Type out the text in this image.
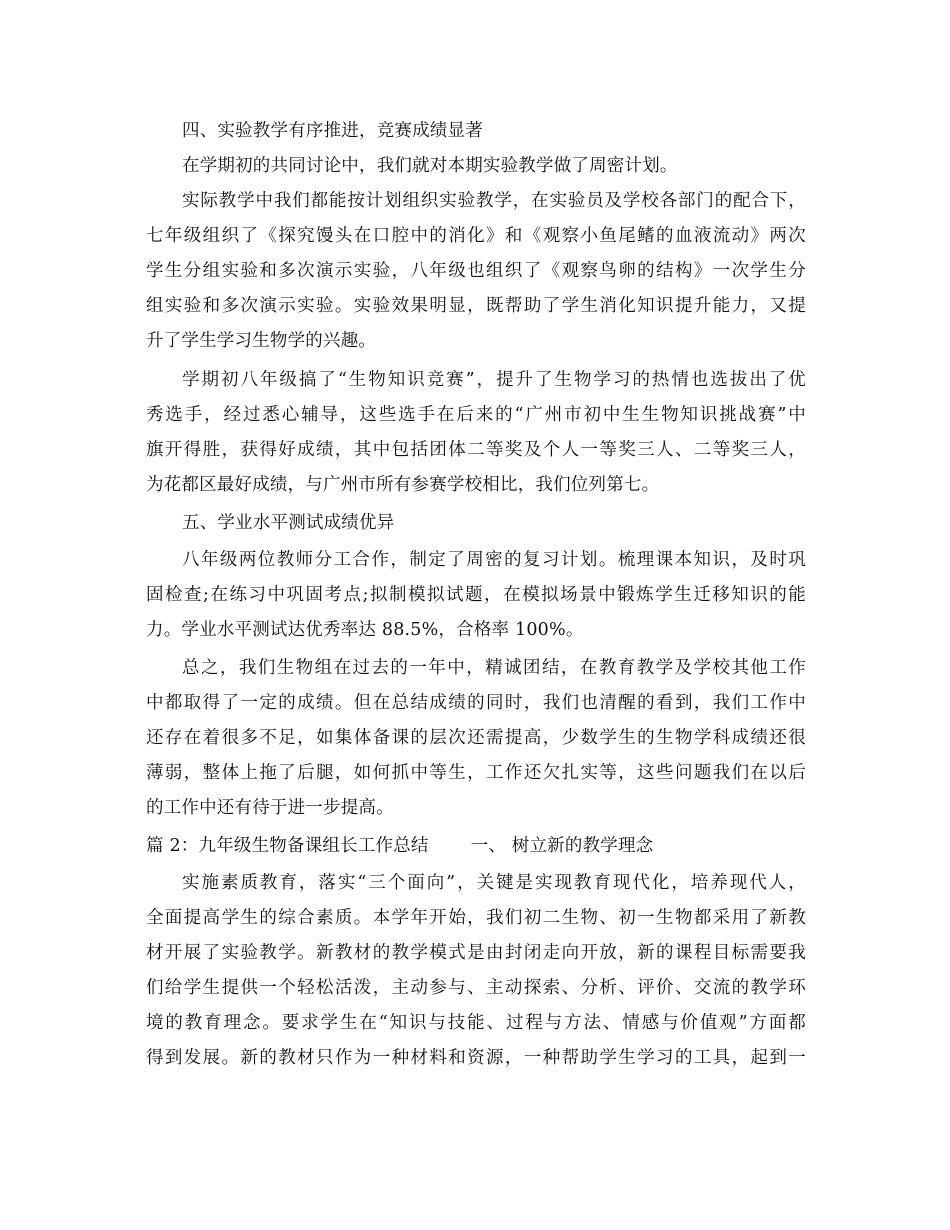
四、实验教学有序推进，竞赛成绩显著
在学期初的共同讨论中，我们就对本期实验教学做了周密计划。
实际教学中我们都能按计划组织实验教学，在实验员及学校各部门的配合下，
七年级组织了《探究馒头在口腔中的消化》和《观察小鱼尾鳍的血液流动》两次
学生分组实验和多次演示实验，八年级也组织了《观察鸟卵的结构》一次学生分
组实验和多次演示实验。实验效果明显，既帮助了学生消化知识提升能力，又提
升了学生学习生物学的兴趣。
学期初八年级搞了“生物知识竞赛”，提升了生物学习的热情也选拔出了优
秀选手，经过悉心辅导，这些选手在后来的“广州市初中生生物知识挑战赛”中
旗开得胜，获得好成绩，其中包括团体二等奖及个人一等奖三人、二等奖三人，
为花都区最好成绩，与广州市所有参赛学校相比，我们位列第七。
五、学业水平测试成绩优异
八年级两位教师分工合作，制定了周密的复习计划。梳理课本知识，及时巩
固检查;在练习中巩固考点;拟制模拟试题，在模拟场景中锻炼学生迁移知识的能
力。学业水平测试达优秀率达 88.5%，合格率 100%。
总之，我们生物组在过去的一年中，精诚团结，在教育教学及学校其他工作
中都取得了一定的成绩。但在总结成绩的同时，我们也清醒的看到，我们工作中
还存在着很多不足，如集体备课的层次还需提高，少数学生的生物学科成绩还很
薄弱，整体上拖了后腿，如何抓中等生，工作还欠扎实等，这些问题我们在以后
的工作中还有待于进一步提高。
篇 2：九年级生物备课组长工作总结 一、 树立新的教学理念
实施素质教育，落实“三个面向”，关键是实现教育现代化，培养现代人，
全面提高学生的综合素质。本学年开始，我们初二生物、初一生物都采用了新教
材开展了实验教学。新教材的教学模式是由封闭走向开放，新的课程目标需要我
们给学生提供一个轻松活泼，主动参与、主动探索、分析、评价、交流的教学环
境的教育理念。要求学生在“知识与技能、过程与方法、情感与价值观”方面都
得到发展。新的教材只作为一种材料和资源，一种帮助学生学习的工具，起到一
